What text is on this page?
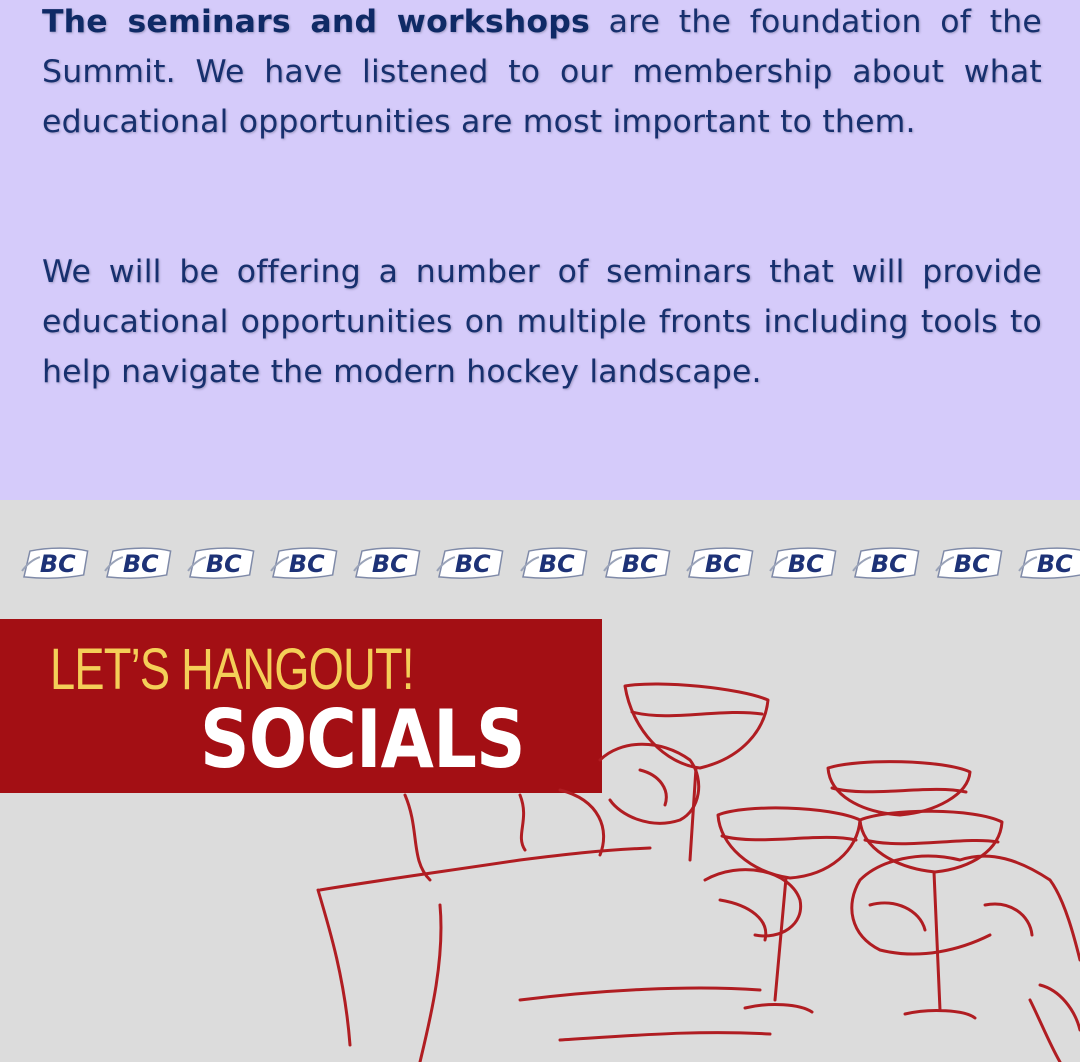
The seminars and workshops are the foundation of the Summit. We have listened to our membership about what educational opportunities are most important to them.

We will be offering a number of seminars that will provide educational opportunities on multiple fronts including tools to help navigate the modern hockey landscape.

BC BC BC BC BC BC BC BC BC BC BC BC BC

LET’S HANGOUT!

SOCIALS
